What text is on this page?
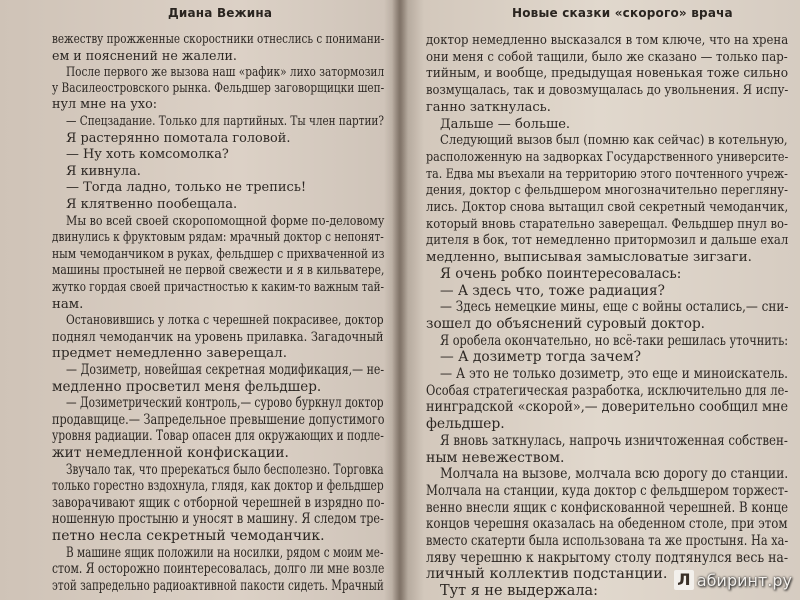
Диана Вежина
вежеству прожженные скоростники отнеслись с понимани-
ем и пояснений не жалели.
После первого же вызова наш «рафик» лихо затормозил
у Василеостровского рынка. Фельдшер заговорщицки шеп-
нул мне на ухо:
— Спецзадание. Только для партийных. Ты член партии?
Я растерянно помотала головой.
— Ну хоть комсомолка?
Я кивнула.
— Тогда ладно, только не трепись!
Я клятвенно пообещала.
Мы во всей своей скоропомощной форме по-деловому
двинулись к фруктовым рядам: мрачный доктор с непонят-
ным чемоданчиком в руках, фельдшер с прихваченной из
машины простыней не первой свежести и я в кильватере,
жутко гордая своей причастностью к каким-то важным тай-
нам.
Остановившись у лотка с черешней покрасивее, доктор
поднял чемоданчик на уровень прилавка. Загадочный
предмет немедленно заверещал.
— Дозиметр, новейшая секретная модификация,— не-
медленно просветил меня фельдшер.
— Дозиметрический контроль,— сурово буркнул доктор
продавщице.— Запредельное превышение допустимого
уровня радиации. Товар опасен для окружающих и подле-
жит немедленной конфискации.
Звучало так, что пререкаться было бесполезно. Торговка
только горестно вздохнула, глядя, как доктор и фельдшер
заворачивают ящик с отборной черешней в изрядно по-
ношенную простыню и уносят в машину. Я следом тре-
петно несла секретный чемоданчик.
В машине ящик положили на носилки, рядом с моим ме-
стом. Я осторожно поинтересовалась, долго ли мне возле
этой запредельно радиоактивной пакости сидеть. Мрачный
Новые сказки «скорого» врача
доктор немедленно высказался в том ключе, что на хрена
они меня с собой тащили, было же сказано — только пар-
тийным, и вообще, предыдущая новенькая тоже сильно
возмущалась, так и довозмущалась до увольнения. Я испу-
ганно заткнулась.
Дальше — больше.
Следующий вызов был (помню как сейчас) в котельную,
расположенную на задворках Государственного университе-
та. Едва мы въехали на территорию этого почтенного учреж-
дения, доктор с фельдшером многозначительно перегляну-
лись. Доктор снова вытащил свой секретный чемоданчик,
который вновь старательно заверещал. Фельдшер пнул во-
дителя в бок, тот немедленно притормозил и дальше ехал
медленно, выписывая замысловатые зигзаги.
Я очень робко поинтересовалась:
— А здесь что, тоже радиация?
— Здесь немецкие мины, еще с войны остались,— сни-
зошел до объяснений суровый доктор.
Я оробела окончательно, но всё-таки решилась уточнить:
— А дозиметр тогда зачем?
— А это не только дозиметр, это еще и миноискатель.
Особая стратегическая разработка, исключительно для ле-
нинградской «скорой»,— доверительно сообщил мне
фельдшер.
Я вновь заткнулась, напрочь изничтоженная собствен-
ным невежеством.
Молчала на вызове, молчала всю дорогу до станции.
Молчала на станции, куда доктор с фельдшером торжест-
венно внесли ящик с конфискованной черешней. В конце
концов черешня оказалась на обеденном столе, при этом
вместо скатерти была использована та же простыня. На ха-
ляву черешню к накрытому столу подтянулся весь на-
личный коллектив подстанции.
Тут я не выдержала:
Л абиринт.ру
